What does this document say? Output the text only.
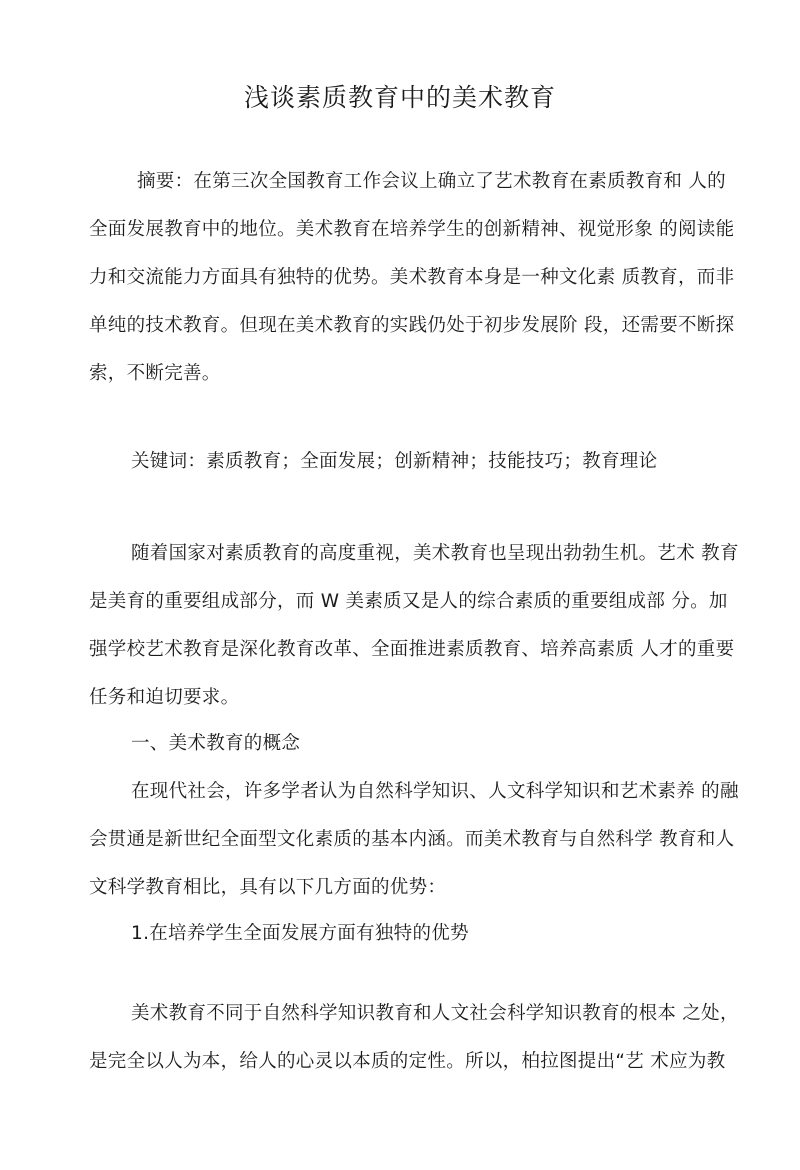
浅谈素质教育中的美术教育
摘要：在第三次全国教育工作会议上确立了艺术教育在素质教育和 人的
全面发展教育中的地位。美术教育在培养学生的创新精神、视觉形象 的阅读能
力和交流能力方面具有独特的优势。美术教育本身是一种文化素 质教育，而非
单纯的技术教育。但现在美术教育的实践仍处于初步发展阶 段，还需要不断探
索，不断完善。
关键词：素质教育；全面发展；创新精神；技能技巧；教育理论
随着国家对素质教育的高度重视，美术教育也呈现出勃勃生机。艺术 教育
是美育的重要组成部分，而 W 美素质又是人的综合素质的重要组成部 分。加
强学校艺术教育是深化教育改革、全面推进素质教育、培养高素质 人才的重要
任务和迫切要求。
一、美术教育的概念
在现代社会，许多学者认为自然科学知识、人文科学知识和艺术素养 的融
会贯通是新世纪全面型文化素质的基本内涵。而美术教育与自然科学 教育和人
文科学教育相比，具有以下几方面的优势：
1.在培养学生全面发展方面有独特的优势
美术教育不同于自然科学知识教育和人文社会科学知识教育的根本 之处，
是完全以人为本，给人的心灵以本质的定性。所以，柏拉图提出“艺 术应为教
